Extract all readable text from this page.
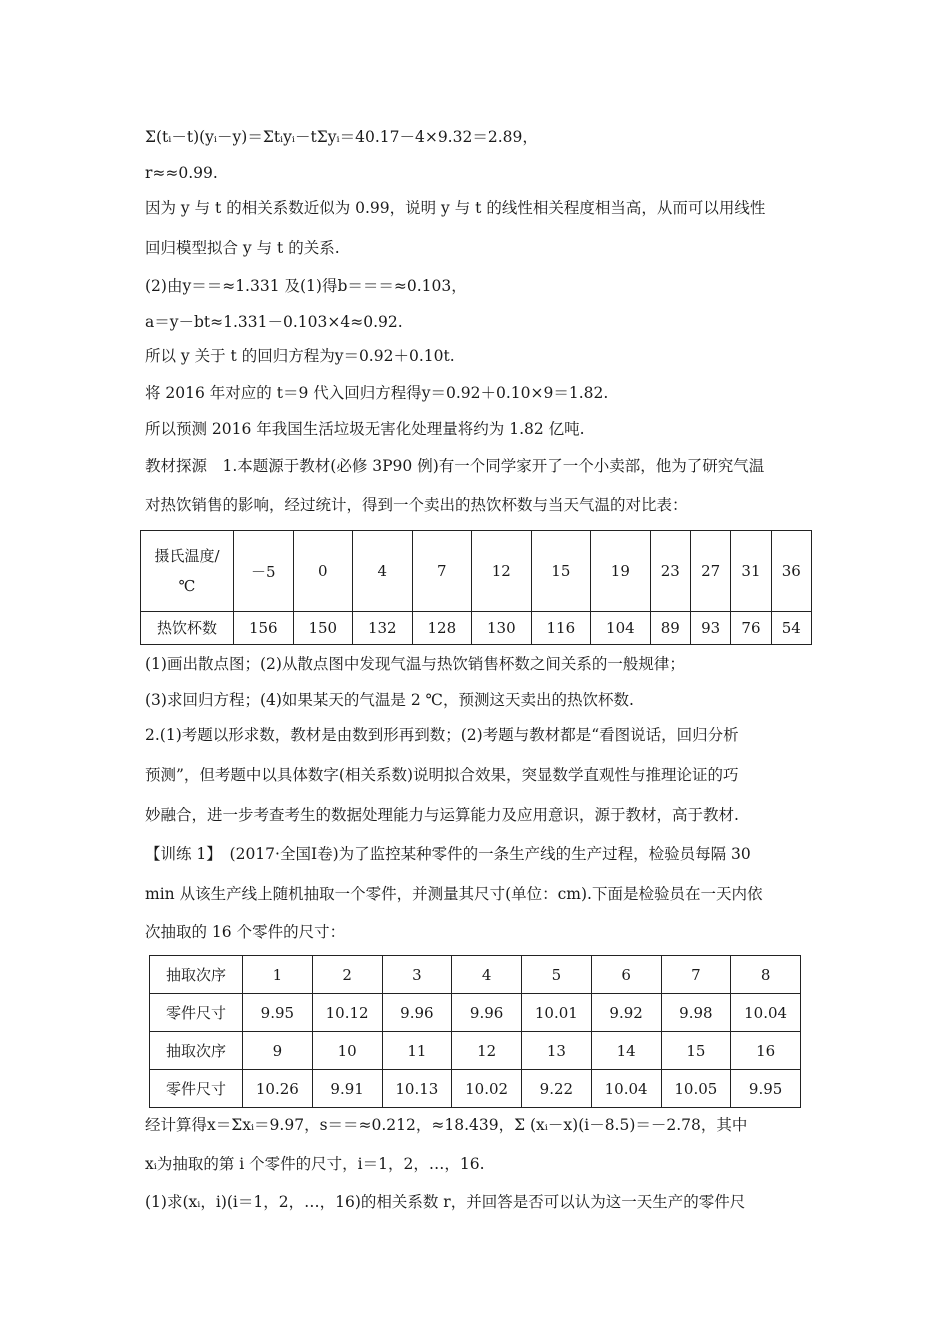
Σ(tᵢ－t)(yᵢ－y)＝Σtᵢyᵢ－tΣyᵢ＝40.17－4×9.32＝2.89，
r≈≈0.99.
因为 y 与 t 的相关系数近似为 0.99，说明 y 与 t 的线性相关程度相当高，从而可以用线性
回归模型拟合 y 与 t 的关系.
(2)由y＝＝≈1.331 及(1)得b＝＝＝≈0.103，
a＝y－bt≈1.331－0.103×4≈0.92.
所以 y 关于 t 的回归方程为y＝0.92＋0.10t.
将 2016 年对应的 t＝9 代入回归方程得y＝0.92＋0.10×9＝1.82.
所以预测 2016 年我国生活垃圾无害化处理量将约为 1.82 亿吨.
教材探源　1.本题源于教材(必修 3P90 例)有一个同学家开了一个小卖部，他为了研究气温
对热饮销售的影响，经过统计，得到一个卖出的热饮杯数与当天气温的对比表：
摄氏温度/
℃	－5	0	4	7	12	15	19	23	27	31	36
热饮杯数	156	150	132	128	130	116	104	89	93	76	54
(1)画出散点图；(2)从散点图中发现气温与热饮销售杯数之间关系的一般规律；
(3)求回归方程；(4)如果某天的气温是 2 ℃，预测这天卖出的热饮杯数.
2.(1)考题以形求数，教材是由数到形再到数；(2)考题与教材都是“看图说话，回归分析
预测”，但考题中以具体数字(相关系数)说明拟合效果，突显数学直观性与推理论证的巧
妙融合，进一步考查考生的数据处理能力与运算能力及应用意识，源于教材，高于教材.
【训练 1】　(2017·全国Ⅰ卷)为了监控某种零件的一条生产线的生产过程，检验员每隔 30
min 从该生产线上随机抽取一个零件，并测量其尺寸(单位：cm).下面是检验员在一天内依
次抽取的 16 个零件的尺寸：
抽取次序	1	2	3	4	5	6	7	8
零件尺寸	9.95	10.12	9.96	9.96	10.01	9.92	9.98	10.04
抽取次序	9	10	11	12	13	14	15	16
零件尺寸	10.26	9.91	10.13	10.02	9.22	10.04	10.05	9.95
经计算得x＝Σxᵢ＝9.97，s＝＝≈0.212，≈18.439，Σ (xᵢ－x)(i－8.5)＝－2.78，其中
xᵢ为抽取的第 i 个零件的尺寸，i＝1，2，…，16.
(1)求(xᵢ，i)(i＝1，2，…，16)的相关系数 r，并回答是否可以认为这一天生产的零件尺
